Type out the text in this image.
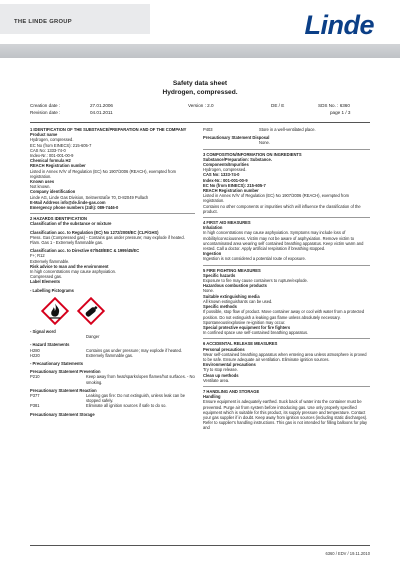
THE LINDE GROUP	Linde
Safety data sheet
Hydrogen, compressed.
Creation date :	27.01.2006	Version : 2.0	DE / E	SDS No. : 6360
Revision date :	04.01.2011	page 1 / 3

1 IDENTIFICATION OF THE SUBSTANCE/PREPARATION AND OF THE COMPANY

Product name

Hydrogen, compressed.

EC No (from EINECS): 215-605-7

CAS No: 1333-74-0

Index-Nr.: 001-001-00-9

Chemical formula H2

REACH Registration number

Listed in Annex IV/V of Regulation (EC) No 1907/2006 (REACH), exempted from registration.

Known uses

Not known.

Company identification

Linde AG, Linde Gas Division, Seitnerstraße 70, D-82049 Pullach

E-Mail Address info@de.linde-gas.com

Emergency phone numbers (24h): 089-7446-0

2 HAZARDS IDENTIFICATION

Classification of the substance or mixture

Classification acc. to Regulation (EC) No 1272/2008/EC (CLP/GHS)

Press. Gas (Compressed gas) - Contains gas under pressure; may explode if heated.

Flam. Gas 1 - Extremely flammable gas.

Classification acc. to Directive 67/548/EEC & 1999/45/EC

F+; R12

Extremely flammable.

Risk advice to man and the environment

In high concentrations may cause asphyxiation.

Compressed gas.

Label Elements

- Labelling Pictograms

- Signal word

Danger

- Hazard Statements

H280	Contains gas under pressure; may explode if heated.
H220	Extremely flammable gas.

- Precautionary Statements

Precautionary Statement Prevention

P210	Keep away from heat/sparks/open flames/hot surfaces. - No smoking.

Precautionary Statement Reaction

P377	Leaking gas fire: Do not extinguish, unless leak can be stopped safely.
P381	Eliminate all ignition sources if safe to do so.

Precautionary Statement Storage

P403	Store in a well-ventilated place.

Precautionary Statement Disposal

None.

3 COMPOSITION/INFORMATION ON INGREDIENTS

Substance/Preparation: Substance.

Components/Impurities

Hydrogen, compressed.

CAS No: 1333-74-0

Index-Nr.: 001-001-00-9

EC No (from EINECS): 215-605-7

REACH Registration number

Listed in Annex IV/V of Regulation (EC) No 1907/2006 (REACH), exempted from registration.

Contains no other components or impurities which will influence the classification of the product.

4 FIRST AID MEASURES

Inhalation

In high concentrations may cause asphyxiation. Symptoms may include loss of mobility/consciousness. Victim may not be aware of asphyxiation. Remove victim to uncontaminated area wearing self contained breathing apparatus. Keep victim warm and rested. Call a doctor. Apply artificial respiration if breathing stopped.

Ingestion

Ingestion is not considered a potential route of exposure.

5 FIRE FIGHTING MEASURES

Specific hazards

Exposure to fire may cause containers to rupture/explode.

Hazardous combustion products

None.

Suitable extinguishing media

All known extinguishants can be used.

Specific methods

If possible, stop flow of product. Move container away or cool with water from a protected position. Do not extinguish a leaking gas flame unless absolutely necessary. Spontaneous/explosive re-ignition may occur.

Special protective equipment for fire fighters

In confined space use self-contained breathing apparatus.

6 ACCIDENTAL RELEASE MEASURES

Personal precautions

Wear self-contained breathing apparatus when entering area unless atmosphere is proved to be safe. Ensure adequate air ventilation. Eliminate ignition sources.

Environmental precautions

Try to stop release.

Clean up methods

Ventilate area.

7 HANDLING AND STORAGE

Handling

Ensure equipment is adequately earthed. Suck back of water into the container must be prevented. Purge air from system before introducing gas. Use only properly specified equipment which is suitable for this product, its supply pressure and temperature. Contact your gas supplier if in doubt. Keep away from ignition sources (including static discharges). Refer to supplier's handling instructions. This gas is not intended for filling balloons for play and

6360 / EDV / 19.11.2010
